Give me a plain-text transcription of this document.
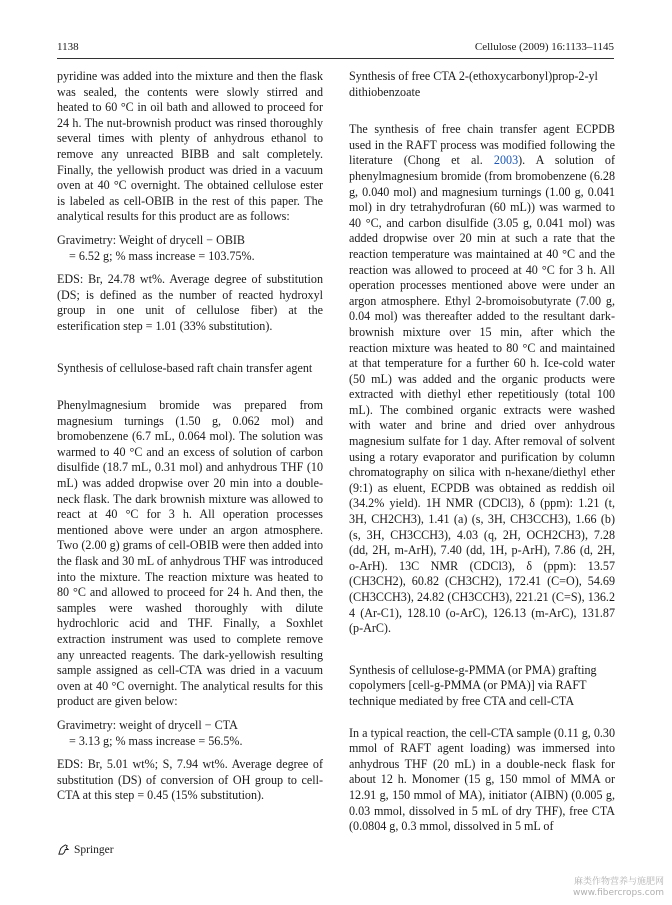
1138	Cellulose (2009) 16:1133–1145

pyridine was added into the mixture and then the flask was sealed, the contents were slowly stirred and heated to 60 °C in oil bath and allowed to proceed for 24 h. The nut-brownish product was rinsed thoroughly several times with plenty of anhydrous ethanol to remove any unreacted BIBB and salt completely. Finally, the yellowish product was dried in a vacuum oven at 40 °C overnight. The obtained cellulose ester is labeled as cell-OBIB in the rest of this paper. The analytical results for this product are as follows:

Gravimetry: Weight of drycell − OBIB
= 6.52 g; % mass increase = 103.75%.

EDS: Br, 24.78 wt%. Average degree of substitution (DS; is defined as the number of reacted hydroxyl group in one unit of cellulose fiber) at the esterification step = 1.01 (33% substitution).

Synthesis of cellulose-based raft chain transfer agent

Phenylmagnesium bromide was prepared from magnesium turnings (1.50 g, 0.062 mol) and bromobenzene (6.7 mL, 0.064 mol). The solution was warmed to 40 °C and an excess of solution of carbon disulfide (18.7 mL, 0.31 mol) and anhydrous THF (10 mL) was added dropwise over 20 min into a double-neck flask. The dark brownish mixture was allowed to react at 40 °C for 3 h. All operation processes mentioned above were under an argon atmosphere. Two (2.00 g) grams of cell-OBIB were then added into the flask and 30 mL of anhydrous THF was introduced into the mixture. The reaction mixture was heated to 80 °C and allowed to proceed for 24 h. And then, the samples were washed thoroughly with dilute hydrochloric acid and THF. Finally, a Soxhlet extraction instrument was used to complete remove any unreacted reagents. The dark-yellowish resulting sample assigned as cell-CTA was dried in a vacuum oven at 40 °C overnight. The analytical results for this product are given below:

Gravimetry: weight of drycell − CTA
= 3.13 g; % mass increase = 56.5%.

EDS: Br, 5.01 wt%; S, 7.94 wt%. Average degree of substitution (DS) of conversion of OH group to cell-CTA at this step = 0.45 (15% substitution).

Synthesis of free CTA 2-(ethoxycarbonyl)prop-2-yl dithiobenzoate

The synthesis of free chain transfer agent ECPDB used in the RAFT process was modified following the literature (Chong et al. 2003). A solution of phenylmagnesium bromide (from bromobenzene (6.28 g, 0.040 mol) and magnesium turnings (1.00 g, 0.041 mol) in dry tetrahydrofuran (60 mL)) was warmed to 40 °C, and carbon disulfide (3.05 g, 0.041 mol) was added dropwise over 20 min at such a rate that the reaction temperature was maintained at 40 °C and the reaction was allowed to proceed at 40 °C for 3 h. All operation processes mentioned above were under an argon atmosphere. Ethyl 2-bromoisobutyrate (7.00 g, 0.04 mol) was thereafter added to the resultant dark-brownish mixture over 15 min, after which the reaction mixture was heated to 80 °C and maintained at that temperature for a further 60 h. Ice-cold water (50 mL) was added and the organic products were extracted with diethyl ether repetitiously (total 100 mL). The combined organic extracts were washed with water and brine and dried over anhydrous magnesium sulfate for 1 day. After removal of solvent using a rotary evaporator and purification by column chromatography on silica with n-hexane/diethyl ether (9:1) as eluent, ECPDB was obtained as reddish oil (34.2% yield). 1H NMR (CDCl3), δ (ppm): 1.21 (t, 3H, CH2CH3), 1.41 (a) (s, 3H, CH3CCH3), 1.66 (b) (s, 3H, CH3CCH3), 4.03 (q, 2H, OCH2CH3), 7.28 (dd, 2H, m-ArH), 7.40 (dd, 1H, p-ArH), 7.86 (d, 2H, o-ArH). 13C NMR (CDCl3), δ (ppm): 13.57 (CH3CH2), 60.82 (CH3CH2), 172.41 (C=O), 54.69 (CH3CCH3), 24.82 (CH3CCH3), 221.21 (C=S), 136.2 4 (Ar-C1), 128.10 (o-ArC), 126.13 (m-ArC), 131.87 (p-ArC).

Synthesis of cellulose-g-PMMA (or PMA) grafting copolymers [cell-g-PMMA (or PMA)] via RAFT technique mediated by free CTA and cell-CTA

In a typical reaction, the cell-CTA sample (0.11 g, 0.30 mmol of RAFT agent loading) was immersed into anhydrous THF (20 mL) in a double-neck flask for about 12 h. Monomer (15 g, 150 mmol of MMA or 12.91 g, 150 mmol of MA), initiator (AIBN) (0.005 g, 0.03 mmol, dissolved in 5 mL of dry THF), free CTA (0.0804 g, 0.3 mmol, dissolved in 5 mL of

Springer
麻类作物营养与施肥网
www.fibercrops.com
